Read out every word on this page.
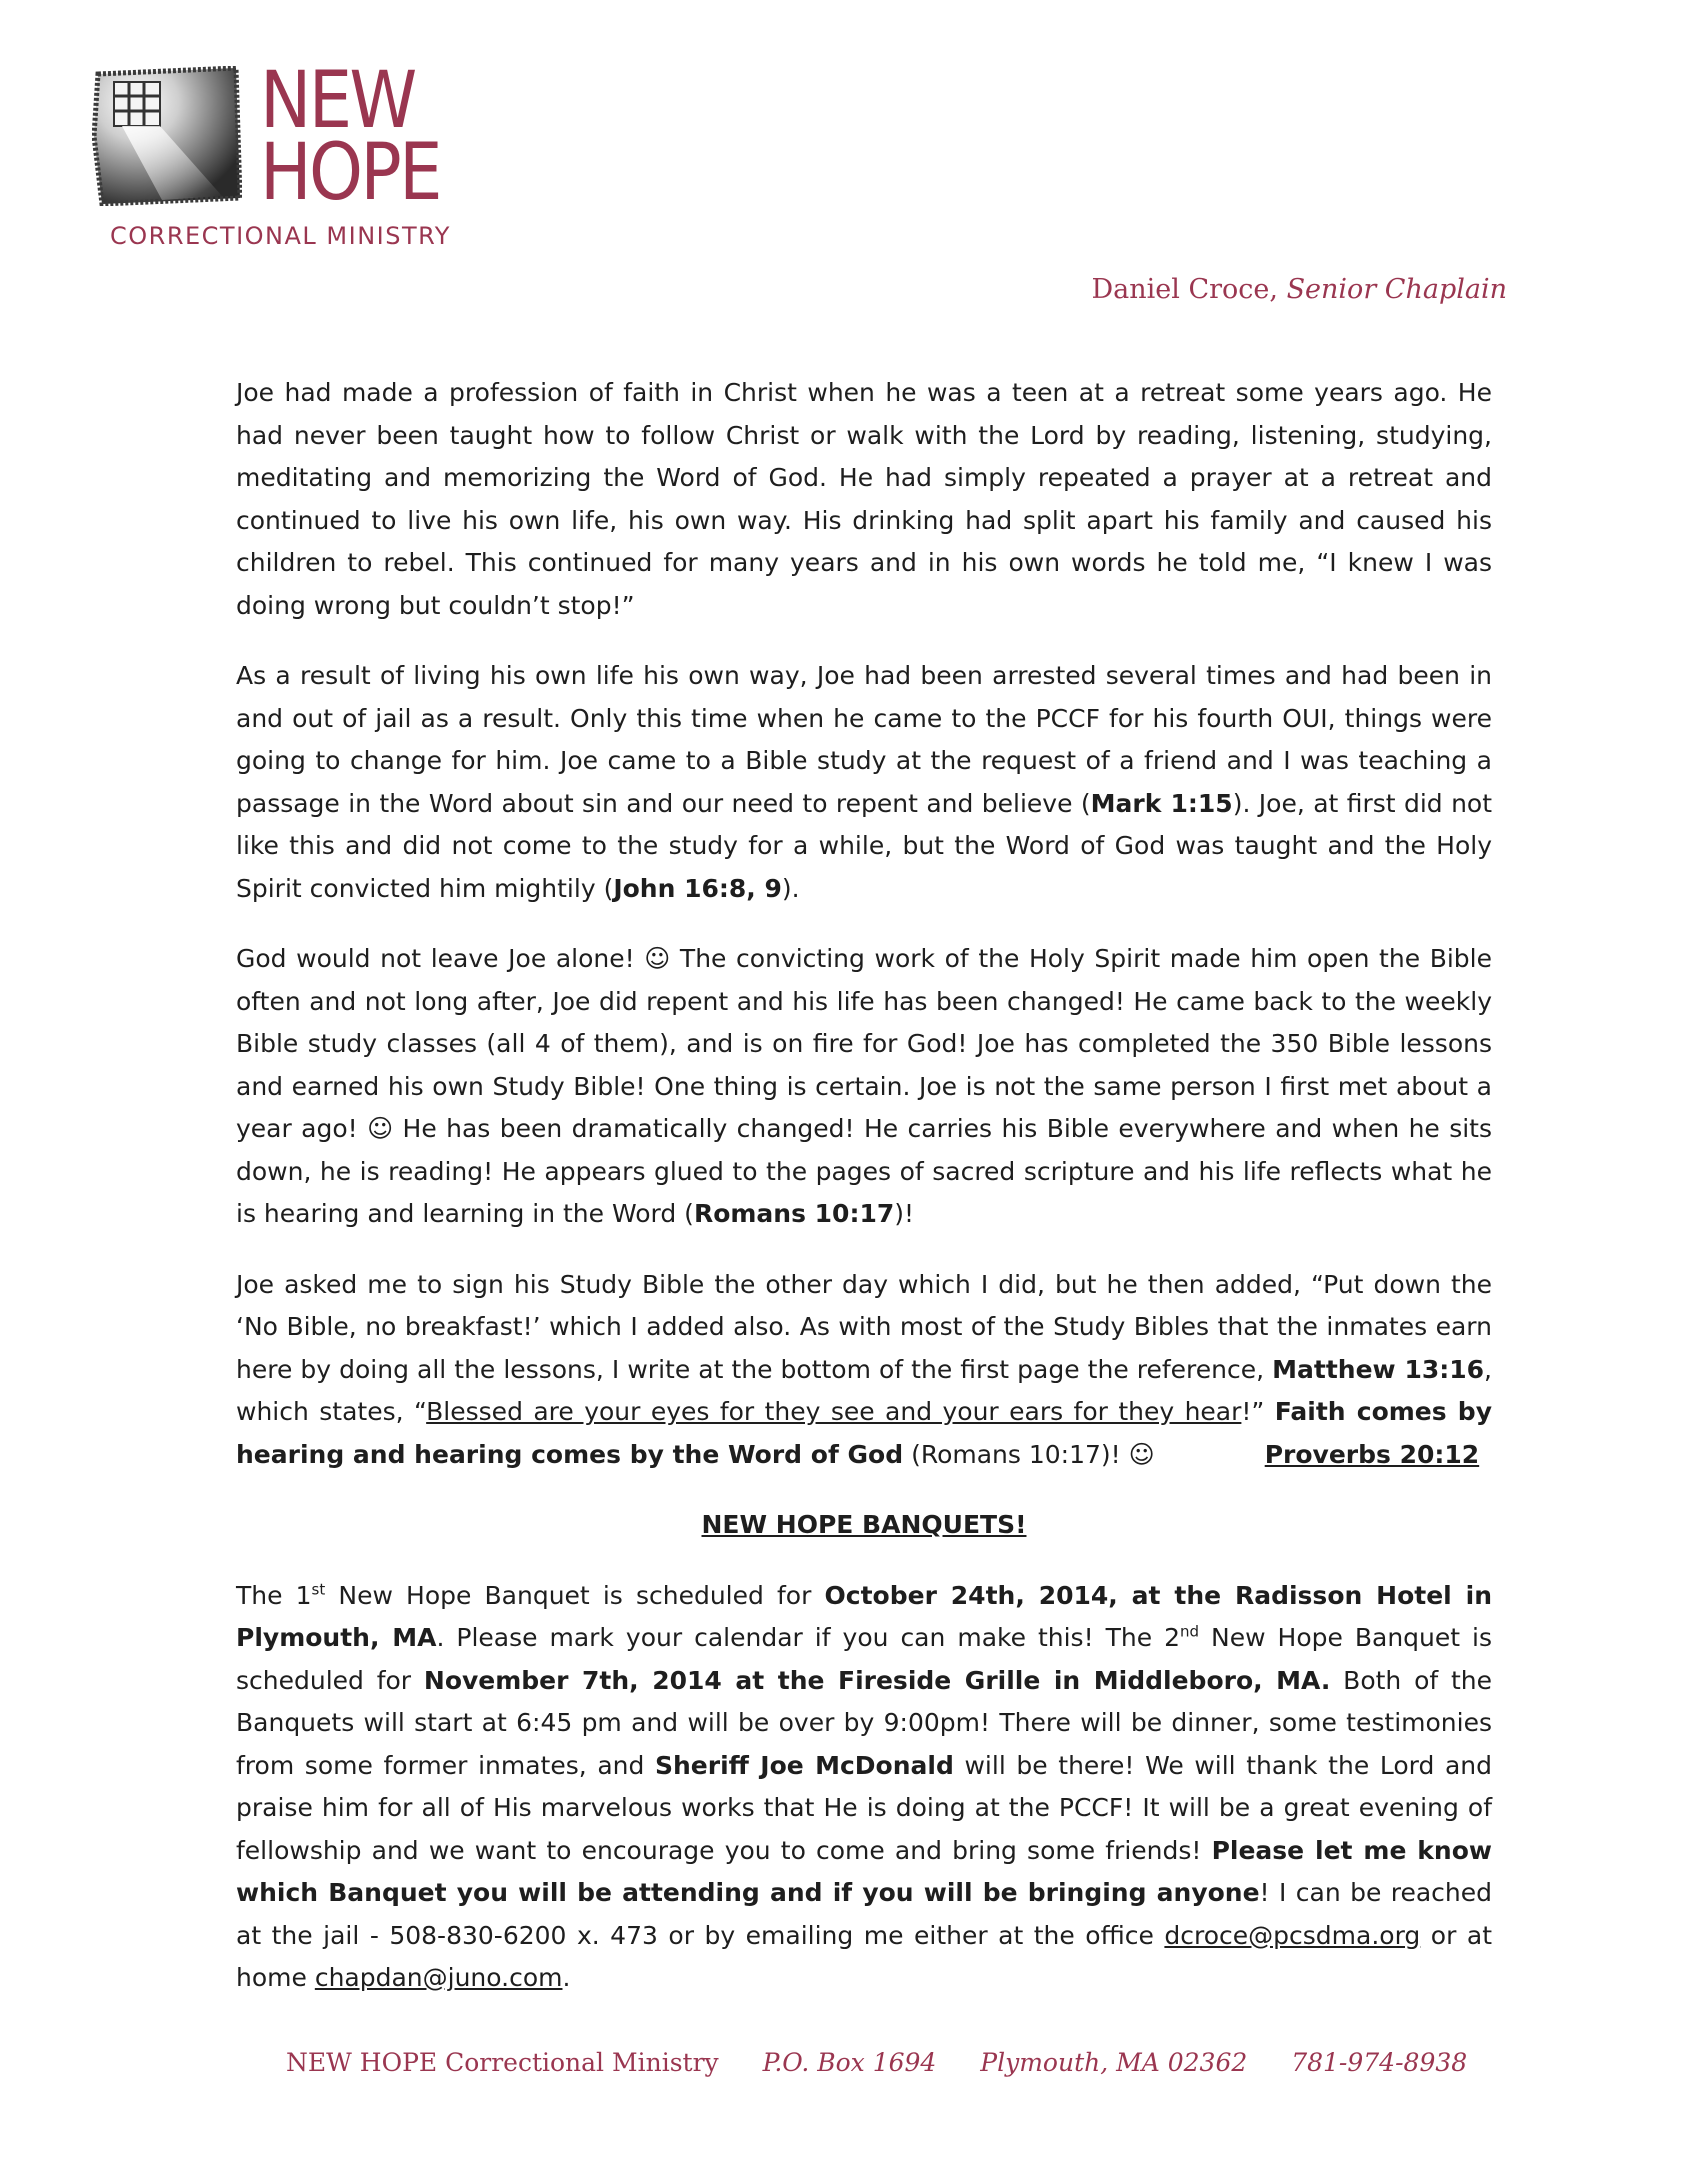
NEW
HOPE
CORRECTIONAL MINISTRY
Daniel Croce, Senior Chaplain

Joe had made a profession of faith in Christ when he was a teen at a retreat some years ago. He had never been taught how to follow Christ or walk with the Lord by reading, listening, studying, meditating and memorizing the Word of God. He had simply repeated a prayer at a retreat and continued to live his own life, his own way. His drinking had split apart his family and caused his children to rebel. This continued for many years and in his own words he told me, “I knew I was doing wrong but couldn’t stop!”

As a result of living his own life his own way, Joe had been arrested several times and had been in and out of jail as a result. Only this time when he came to the PCCF for his fourth OUI, things were going to change for him. Joe came to a Bible study at the request of a friend and I was teaching a passage in the Word about sin and our need to repent and believe (Mark 1:15). Joe, at first did not like this and did not come to the study for a while, but the Word of God was taught and the Holy Spirit convicted him mightily (John 16:8, 9).

God would not leave Joe alone! ☺ The convicting work of the Holy Spirit made him open the Bible often and not long after, Joe did repent and his life has been changed! He came back to the weekly Bible study classes (all 4 of them), and is on fire for God! Joe has completed the 350 Bible lessons and earned his own Study Bible! One thing is certain. Joe is not the same person I first met about a year ago! ☺ He has been dramatically changed! He carries his Bible everywhere and when he sits down, he is reading! He appears glued to the pages of sacred scripture and his life reflects what he is hearing and learning in the Word (Romans 10:17)!

Joe asked me to sign his Study Bible the other day which I did, but he then added, “Put down the ‘No Bible, no breakfast!’ which I added also. As with most of the Study Bibles that the inmates earn here by doing all the lessons, I write at the bottom of the first page the reference, Matthew 13:16, which states, “Blessed are your eyes for they see and your ears for they hear!” Faith comes by hearing and hearing comes by the Word of God (Romans 10:17)! ☺	Proverbs 20:12

NEW HOPE BANQUETS!

The 1st New Hope Banquet is scheduled for October 24th, 2014, at the Radisson Hotel in Plymouth, MA. Please mark your calendar if you can make this! The 2nd New Hope Banquet is scheduled for November 7th, 2014 at the Fireside Grille in Middleboro, MA. Both of the Banquets will start at 6:45 pm and will be over by 9:00pm! There will be dinner, some testimonies from some former inmates, and Sheriff Joe McDonald will be there! We will thank the Lord and praise him for all of His marvelous works that He is doing at the PCCF! It will be a great evening of fellowship and we want to encourage you to come and bring some friends! Please let me know which Banquet you will be attending and if you will be bringing anyone! I can be reached at the jail - 508-830-6200 x. 473 or by emailing me either at the office dcroce@pcsdma.org or at home chapdan@juno.com.

NEW HOPE Correctional Ministry P.O. Box 1694 Plymouth, MA 02362 781-974-8938
